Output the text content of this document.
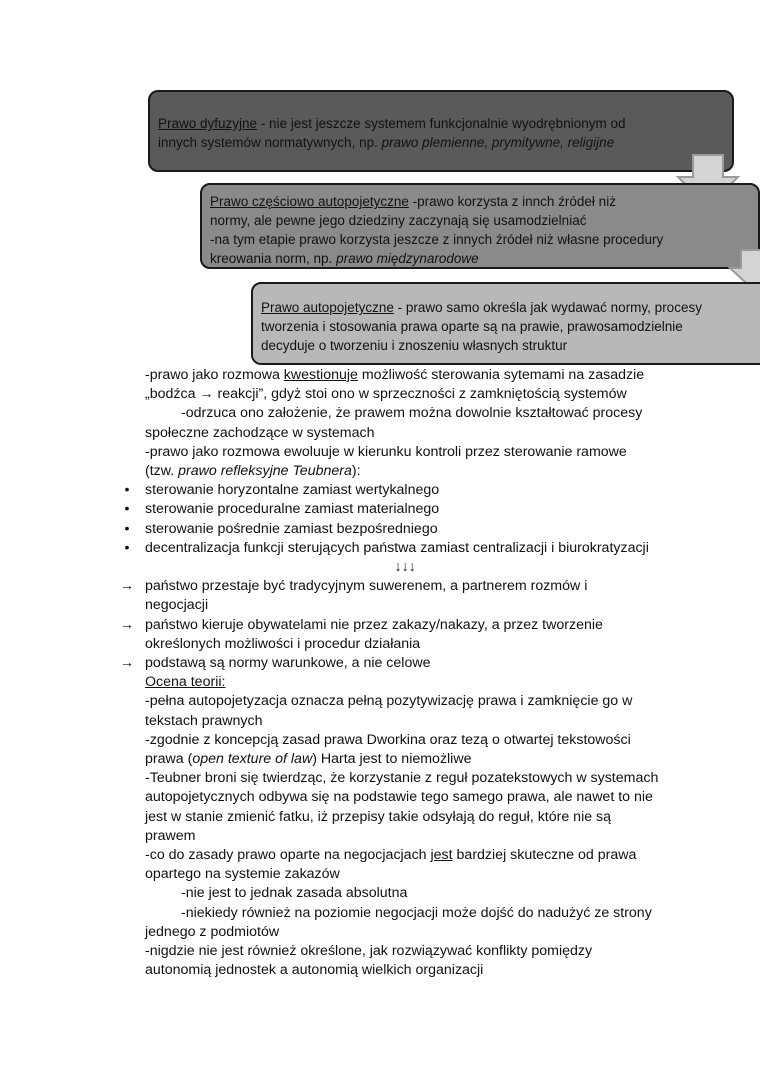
Prawo dyfuzyjne - nie jest jeszcze systemem funkcjonalnie wyodrębnionym od
innych systemów normatywnych, np. prawo plemienne, prymitywne, religijne
Prawo częściowo autopojetyczne -prawo korzysta z innch źródeł niż
normy, ale pewne jego dziedziny zaczynają się usamodzielniać
-na tym etapie prawo korzysta jeszcze z innych źródeł niż własne procedury
kreowania norm, np. prawo międzynarodowe
Prawo autopojetyczne - prawo samo określa jak wydawać normy, procesy
tworzenia i stosowania prawa oparte są na prawie, prawosamodzielnie
decyduje o tworzeniu i znoszeniu własnych struktur
-prawo jako rozmowa kwestionuje możliwość sterowania sytemami na zasadzie
„bodźca → reakcji”, gdyż stoi ono w sprzeczności z zamkniętością systemów
-odrzuca ono założenie, że prawem można dowolnie kształtować procesy
społeczne zachodzące w systemach
-prawo jako rozmowa ewoluuje w kierunku kontroli przez sterowanie ramowe
(tzw. prawo refleksyjne Teubnera):
•	sterowanie horyzontalne zamiast wertykalnego
•	sterowanie proceduralne zamiast materialnego
•	sterowanie pośrednie zamiast bezpośredniego
•	decentralizacja funkcji sterujących państwa zamiast centralizacji i biurokratyzacji
↓↓↓
→ państwo przestaje być tradycyjnym suwerenem, a partnerem rozmów i
negocjacji
→ państwo kieruje obywatelami nie przez zakazy/nakazy, a przez tworzenie
określonych możliwości i procedur działania
→ podstawą są normy warunkowe, a nie celowe
Ocena teorii:
-pełna autopojetyzacja oznacza pełną pozytywizację prawa i zamknięcie go w
tekstach prawnych
-zgodnie z koncepcją zasad prawa Dworkina oraz tezą o otwartej tekstowości
prawa (open texture of law) Harta jest to niemożliwe
-Teubner broni się twierdząc, że korzystanie z reguł pozatekstowych w systemach
autopojetycznych odbywa się na podstawie tego samego prawa, ale nawet to nie
jest w stanie zmienić fatku, iż przepisy takie odsyłają do reguł, które nie są
prawem
-co do zasady prawo oparte na negocjacjach jest bardziej skuteczne od prawa
opartego na systemie zakazów
-nie jest to jednak zasada absolutna
-niekiedy również na poziomie negocjacji może dojść do nadużyć ze strony
jednego z podmiotów
-nigdzie nie jest również określone, jak rozwiązywać konflikty pomiędzy
autonomią jednostek a autonomią wielkich organizacji
